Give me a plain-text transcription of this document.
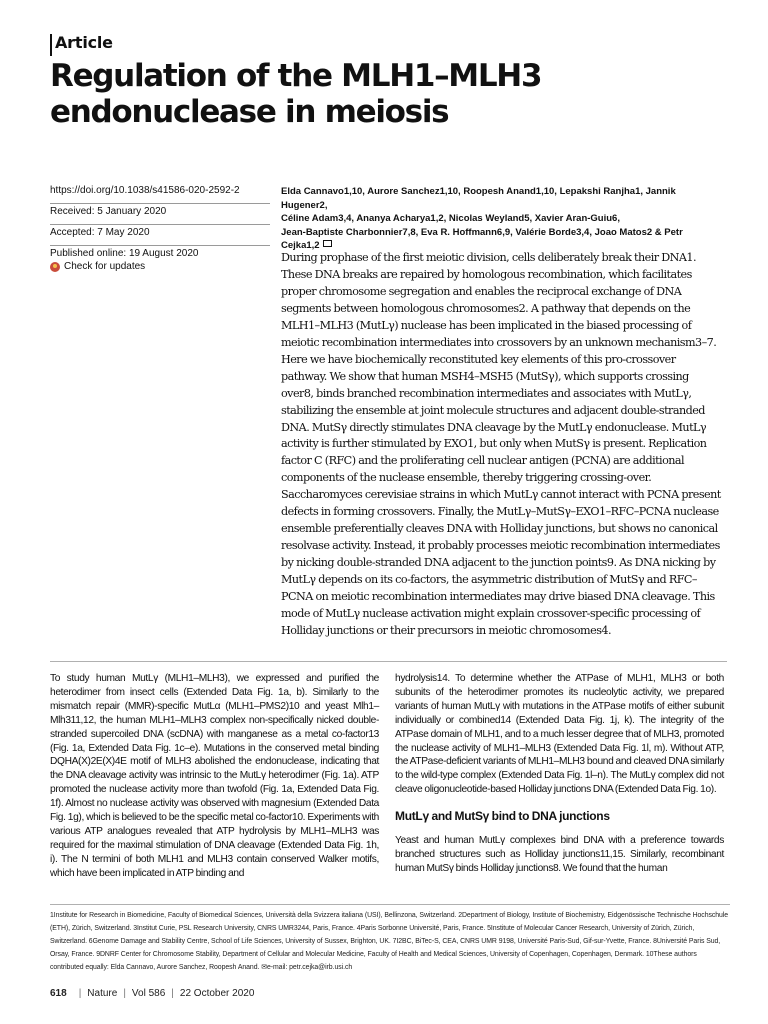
Article
Regulation of the MLH1–MLH3 endonuclease in meiosis
https://doi.org/10.1038/s41586-020-2592-2
Received: 5 January 2020
Accepted: 7 May 2020
Published online: 19 August 2020
Check for updates
Elda Cannavo1,10, Aurore Sanchez1,10, Roopesh Anand1,10, Lepakshi Ranjha1, Jannik Hugener2,
Céline Adam3,4, Ananya Acharya1,2, Nicolas Weyland5, Xavier Aran-Guiu6,
Jean-Baptiste Charbonnier7,8, Eva R. Hoffmann6,9, Valérie Borde3,4, Joao Matos2 & Petr Cejka1,2

During prophase of the first meiotic division, cells deliberately break their DNA1. These DNA breaks are repaired by homologous recombination, which facilitates proper chromosome segregation and enables the reciprocal exchange of DNA segments between homologous chromosomes2. A pathway that depends on the MLH1–MLH3 (MutLγ) nuclease has been implicated in the biased processing of meiotic recombination intermediates into crossovers by an unknown mechanism3–7. Here we have biochemically reconstituted key elements of this pro-crossover pathway. We show that human MSH4–MSH5 (MutSγ), which supports crossing over8, binds branched recombination intermediates and associates with MutLγ, stabilizing the ensemble at joint molecule structures and adjacent double-stranded DNA. MutSγ directly stimulates DNA cleavage by the MutLγ endonuclease. MutLγ activity is further stimulated by EXO1, but only when MutSγ is present. Replication factor C (RFC) and the proliferating cell nuclear antigen (PCNA) are additional components of the nuclease ensemble, thereby triggering crossing-over. Saccharomyces cerevisiae strains in which MutLγ cannot interact with PCNA present defects in forming crossovers. Finally, the MutLγ–MutSγ–EXO1–RFC–PCNA nuclease ensemble preferentially cleaves DNA with Holliday junctions, but shows no canonical resolvase activity. Instead, it probably processes meiotic recombination intermediates by nicking double-stranded DNA adjacent to the junction points9. As DNA nicking by MutLγ depends on its co-factors, the asymmetric distribution of MutSγ and RFC–PCNA on meiotic recombination intermediates may drive biased DNA cleavage. This mode of MutLγ nuclease activation might explain crossover-specific processing of Holliday junctions or their precursors in meiotic chromosomes4.

To study human MutLγ (MLH1–MLH3), we expressed and purified the heterodimer from insect cells (Extended Data Fig. 1a, b). Similarly to the mismatch repair (MMR)-specific MutLα (MLH1–PMS2)10 and yeast Mlh1–Mlh311,12, the human MLH1–MLH3 complex non-specifically nicked double-stranded supercoiled DNA (scDNA) with manganese as a metal co-factor13 (Fig. 1a, Extended Data Fig. 1c–e). Mutations in the conserved metal binding DQHA(X)2E(X)4E motif of MLH3 abolished the endonuclease, indicating that the DNA cleavage activity was intrinsic to the MutLγ heterodimer (Fig. 1a). ATP promoted the nuclease activity more than twofold (Fig. 1a, Extended Data Fig. 1f). Almost no nuclease activity was observed with magnesium (Extended Data Fig. 1g), which is believed to be the specific metal co-factor10. Experiments with various ATP analogues revealed that ATP hydrolysis by MLH1–MLH3 was required for the maximal stimulation of DNA cleavage (Extended Data Fig. 1h, i). The N termini of both MLH1 and MLH3 contain conserved Walker motifs, which have been implicated in ATP binding and

hydrolysis14. To determine whether the ATPase of MLH1, MLH3 or both subunits of the heterodimer promotes its nucleolytic activity, we prepared variants of human MutLγ with mutations in the ATPase motifs of either subunit individually or combined14 (Extended Data Fig. 1j, k). The integrity of the ATPase domain of MLH1, and to a much lesser degree that of MLH3, promoted the nuclease activity of MLH1–MLH3 (Extended Data Fig. 1l, m). Without ATP, the ATPase-deficient variants of MLH1–MLH3 bound and cleaved DNA similarly to the wild-type complex (Extended Data Fig. 1l–n). The MutLγ complex did not cleave oligonucleotide-based Holliday junctions DNA (Extended Data Fig. 1o).

MutLγ and MutSγ bind to DNA junctions

Yeast and human MutLγ complexes bind DNA with a preference towards branched structures such as Holliday junctions11,15. Similarly, recombinant human MutSγ binds Holliday junctions8. We found that the human

1Institute for Research in Biomedicine, Faculty of Biomedical Sciences, Università della Svizzera italiana (USI), Bellinzona, Switzerland. 2Department of Biology, Institute of Biochemistry, Eidgenössische Technische Hochschule (ETH), Zürich, Switzerland. 3Institut Curie, PSL Research University, CNRS UMR3244, Paris, France. 4Paris Sorbonne Université, Paris, France. 5Institute of Molecular Cancer Research, University of Zürich, Zürich, Switzerland. 6Genome Damage and Stability Centre, School of Life Sciences, University of Sussex, Brighton, UK. 7I2BC, BiTec-S, CEA, CNRS UMR 9198, Université Paris-Sud, Gif-sur-Yvette, France. 8Université Paris Sud, Orsay, France. 9DNRF Center for Chromosome Stability, Department of Cellular and Molecular Medicine, Faculty of Health and Medical Sciences, University of Copenhagen, Copenhagen, Denmark. 10These authors contributed equally: Elda Cannavo, Aurore Sanchez, Roopesh Anand. ✉e-mail: petr.cejka@irb.usi.ch
618 | Nature | Vol 586 | 22 October 2020
